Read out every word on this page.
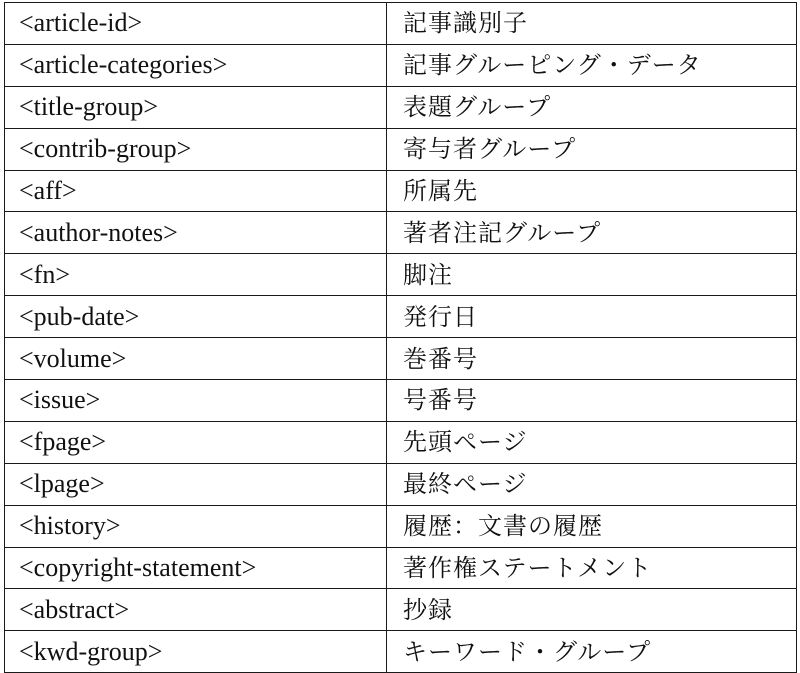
<article-id>	記事識別子
<article-categories>	記事グルーピング・データ
<title-group>	表題グループ
<contrib-group>	寄与者グループ
<aff>	所属先
<author-notes>	著者注記グループ
<fn>	脚注
<pub-date>	発行日
<volume>	巻番号
<issue>	号番号
<fpage>	先頭ページ
<lpage>	最終ページ
<history>	履歴：文書の履歴
<copyright-statement>	著作権ステートメント
<abstract>	抄録
<kwd-group>	キーワード・グループ
